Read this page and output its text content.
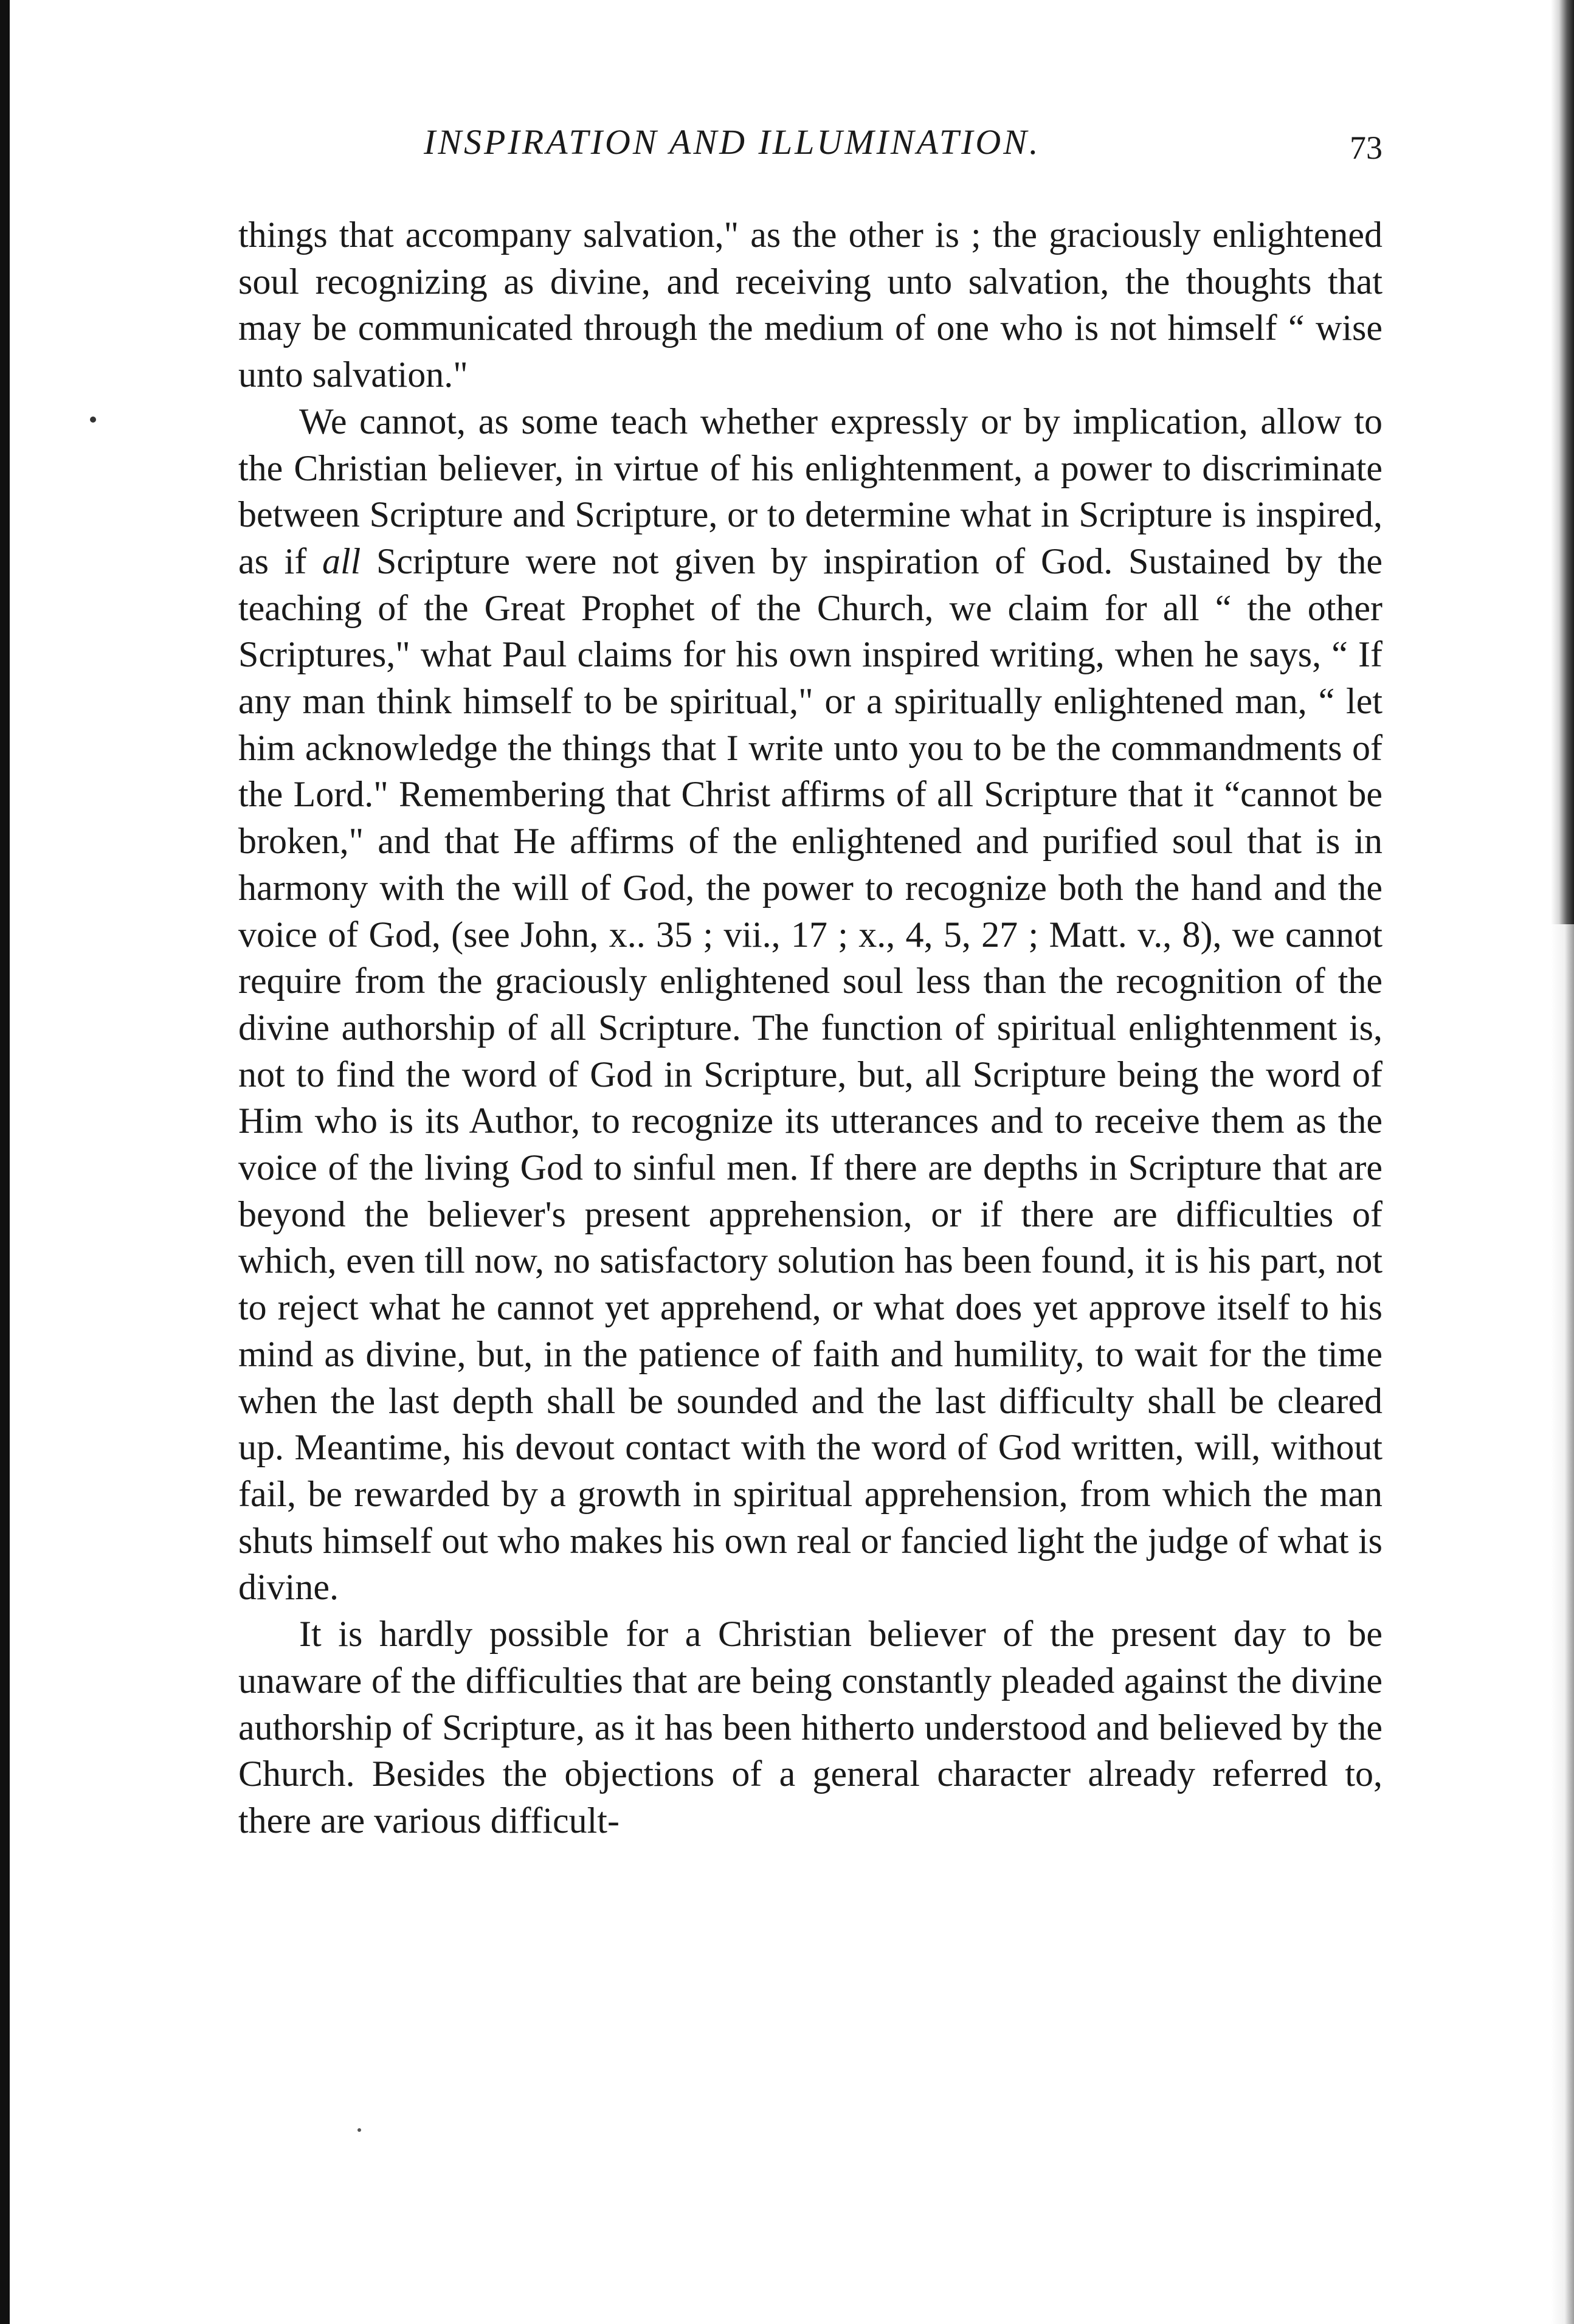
INSPIRATION AND ILLUMINATION.	73

things that accompany salvation," as the other is ; the graciously enlightened soul recognizing as divine, and receiving unto salvation, the thoughts that may be communicated through the medium of one who is not himself “ wise unto salvation."

We cannot, as some teach whether expressly or by implication, allow to the Christian believer, in virtue of his enlightenment, a power to discriminate between Scripture and Scripture, or to determine what in Scripture is inspired, as if all Scripture were not given by inspiration of God. Sustained by the teaching of the Great Prophet of the Church, we claim for all “ the other Scriptures," what Paul claims for his own inspired writing, when he says, “ If any man think himself to be spiritual," or a spiritually enlightened man, “ let him acknowledge the things that I write unto you to be the commandments of the Lord." Remembering that Christ affirms of all Scripture that it “cannot be broken," and that He affirms of the enlightened and purified soul that is in harmony with the will of God, the power to recognize both the hand and the voice of God, (see John, x.. 35 ; vii., 17 ; x., 4, 5, 27 ; Matt. v., 8), we cannot require from the graciously enlightened soul less than the recognition of the divine authorship of all Scripture. The function of spiritual enlightenment is, not to find the word of God in Scripture, but, all Scripture being the word of Him who is its Author, to recognize its utterances and to receive them as the voice of the living God to sinful men. If there are depths in Scripture that are beyond the believer's present apprehension, or if there are difficulties of which, even till now, no satisfactory solution has been found, it is his part, not to reject what he cannot yet apprehend, or what does yet approve itself to his mind as divine, but, in the patience of faith and humility, to wait for the time when the last depth shall be sounded and the last difficulty shall be cleared up. Meantime, his devout contact with the word of God written, will, without fail, be rewarded by a growth in spiritual apprehension, from which the man shuts himself out who makes his own real or fancied light the judge of what is divine.

It is hardly possible for a Christian believer of the present day to be unaware of the difficulties that are being constantly pleaded against the divine authorship of Scripture, as it has been hitherto understood and believed by the Church. Besides the objections of a general character already referred to, there are various difficult-
